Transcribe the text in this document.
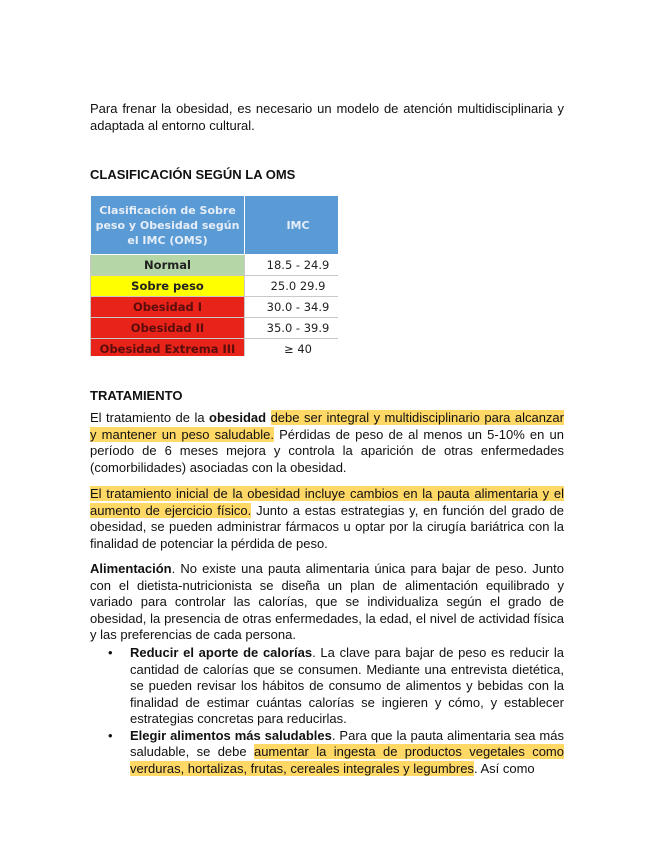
Para frenar la obesidad, es necesario un modelo de atención multidisciplinaria y adaptada al entorno cultural.

CLASIFICACIÓN SEGÚN LA OMS

Clasificación de Sobre peso y Obesidad según el IMC (OMS)	IMC
Normal	18.5 - 24.9
Sobre peso	25.0 29.9
Obesidad I	30.0 - 34.9
Obesidad II	35.0 - 39.9
Obesidad Extrema III	≥ 40

TRATAMIENTO

El tratamiento de la obesidad debe ser integral y multidisciplinario para alcanzar y mantener un peso saludable. Pérdidas de peso de al menos un 5-10% en un período de 6 meses mejora y controla la aparición de otras enfermedades (comorbilidades) asociadas con la obesidad.

El tratamiento inicial de la obesidad incluye cambios en la pauta alimentaria y el aumento de ejercicio físico. Junto a estas estrategias y, en función del grado de obesidad, se pueden administrar fármacos u optar por la cirugía bariátrica con la finalidad de potenciar la pérdida de peso.

Alimentación. No existe una pauta alimentaria única para bajar de peso. Junto con el dietista-nutricionista se diseña un plan de alimentación equilibrado y variado para controlar las calorías, que se individualiza según el grado de obesidad, la presencia de otras enfermedades, la edad, el nivel de actividad física y las preferencias de cada persona.

• Reducir el aporte de calorías. La clave para bajar de peso es reducir la cantidad de calorías que se consumen. Mediante una entrevista dietética, se pueden revisar los hábitos de consumo de alimentos y bebidas con la finalidad de estimar cuántas calorías se ingieren y cómo, y establecer estrategias concretas para reducirlas.
• Elegir alimentos más saludables. Para que la pauta alimentaria sea más saludable, se debe aumentar la ingesta de productos vegetales como verduras, hortalizas, frutas, cereales integrales y legumbres. Así como
